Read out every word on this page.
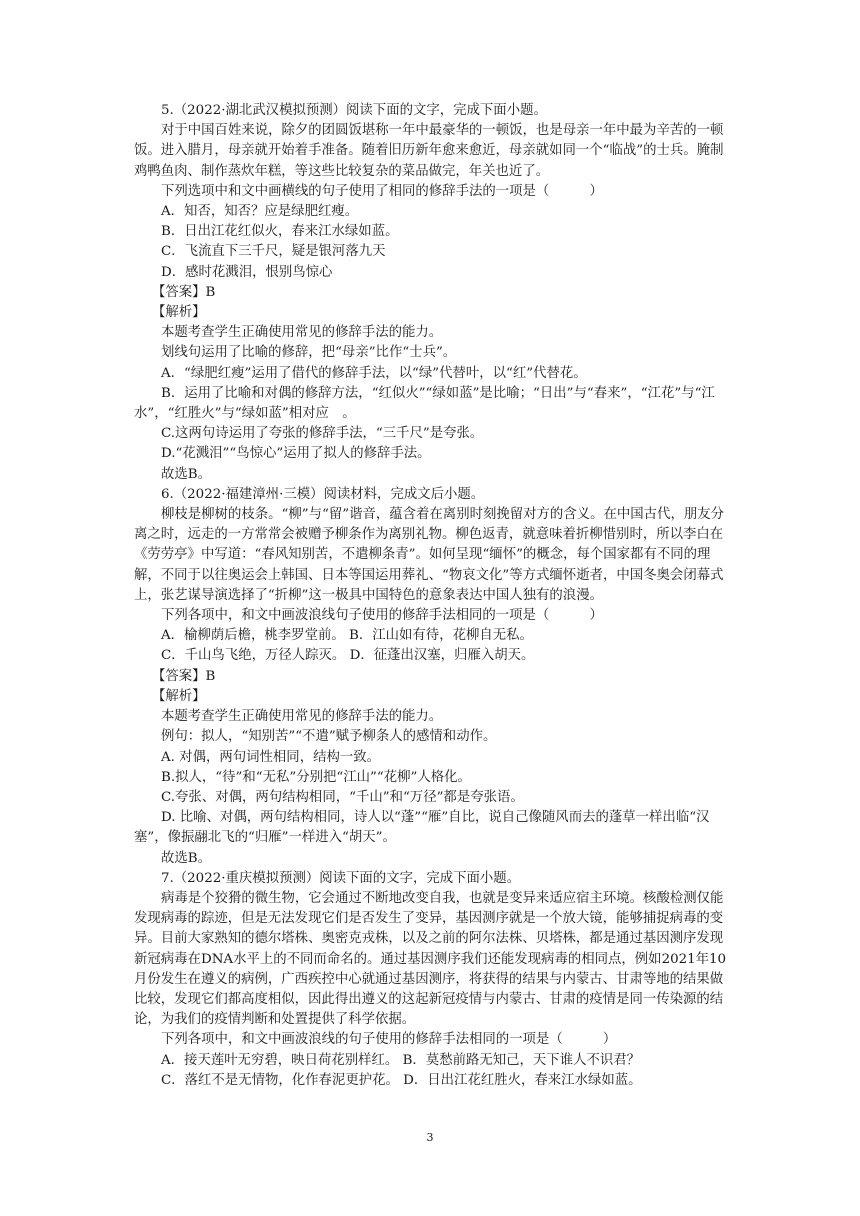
5.（2022·湖北武汉模拟预测）阅读下面的文字，完成下面小题。

对于中国百姓来说，除夕的团圆饭堪称一年中最豪华的一顿饭，也是母亲一年中最为辛苦的一顿饭。进入腊月，母亲就开始着手准备。随着旧历新年愈来愈近，母亲就如同一个“临战”的士兵。腌制鸡鸭鱼肉、制作蒸炊年糕，等这些比较复杂的菜品做完，年关也近了。

下列选项中和文中画横线的句子使用了相同的修辞手法的一项是（　　　）

A．知否，知否？应是绿肥红瘦。

B．日出江花红似火，春来江水绿如蓝。

C．飞流直下三千尺，疑是银河落九天

D．感时花溅泪，恨别鸟惊心

【答案】B

【解析】

本题考查学生正确使用常见的修辞手法的能力。

划线句运用了比喻的修辞，把“母亲”比作“士兵”。

A．“绿肥红瘦”运用了借代的修辞手法，以“绿”代替叶，以“红”代替花。

B．运用了比喻和对偶的修辞方法，“红似火”“绿如蓝”是比喻；“日出”与“春来”，“江花”与“江水”，“红胜火”与“绿如蓝”相对应　。

C.这两句诗运用了夸张的修辞手法，“三千尺”是夸张。

D.“花溅泪”“鸟惊心”运用了拟人的修辞手法。

故选B。

6.（2022·福建漳州·三模）阅读材料，完成文后小题。

柳枝是柳树的枝条。“柳”与“留”谐音，蕴含着在离别时刻挽留对方的含义。在中国古代，朋友分离之时，远走的一方常常会被赠予柳条作为离别礼物。柳色返青，就意味着折柳惜别时，所以李白在《劳劳亭》中写道：“春风知别苦，不遣柳条青”。如何呈现“缅怀”的概念，每个国家都有不同的理解，不同于以往奥运会上韩国、日本等国运用葬礼、“物哀文化”等方式缅怀逝者，中国冬奥会闭幕式上，张艺谋导演选择了“折柳”这一极具中国特色的意象表达中国人独有的浪漫。

下列各项中，和文中画波浪线句子使用的修辞手法相同的一项是（　　　）

A．榆柳荫后檐，桃李罗堂前。 B．江山如有待，花柳自无私。

C．千山鸟飞绝，万径人踪灭。 D．征蓬出汉塞，归雁入胡天。

【答案】B

【解析】

本题考查学生正确使用常见的修辞手法的能力。

例句：拟人，“知别苦”“不遣”赋予柳条人的感情和动作。

A. 对偶，两句词性相同，结构一致。

B.拟人，“待”和“无私”分别把“江山”“花柳”人格化。

C.夸张、对偶，两句结构相同，“千山”和“万径”都是夸张语。

D. 比喻、对偶，两句结构相同，诗人以“蓬”“雁”自比，说自己像随风而去的蓬草一样出临“汉塞”，像振翮北飞的“归雁”一样进入“胡天”。

故选B。

7.（2022·重庆模拟预测）阅读下面的文字，完成下面小题。

病毒是个狡猾的微生物，它会通过不断地改变自我，也就是变异来适应宿主环境。核酸检测仅能发现病毒的踪迹，但是无法发现它们是否发生了变异，基因测序就是一个放大镜，能够捕捉病毒的变异。目前大家熟知的德尔塔株、奥密克戎株，以及之前的阿尔法株、贝塔株，都是通过基因测序发现新冠病毒在DNA水平上的不同而命名的。通过基因测序我们还能发现病毒的相同点，例如2021年10月份发生在遵义的病例，广西疾控中心就通过基因测序，将获得的结果与内蒙古、甘肃等地的结果做比较，发现它们都高度相似，因此得出遵义的这起新冠疫情与内蒙古、甘肃的疫情是同一传染源的结论，为我们的疫情判断和处置提供了科学依据。

下列各项中，和文中画波浪线的句子使用的修辞手法相同的一项是（　　　）

A．接天莲叶无穷碧，映日荷花别样红。 B．莫愁前路无知己，天下谁人不识君？

C．落红不是无情物，化作春泥更护花。 D．日出江花红胜火，春来江水绿如蓝。

3
